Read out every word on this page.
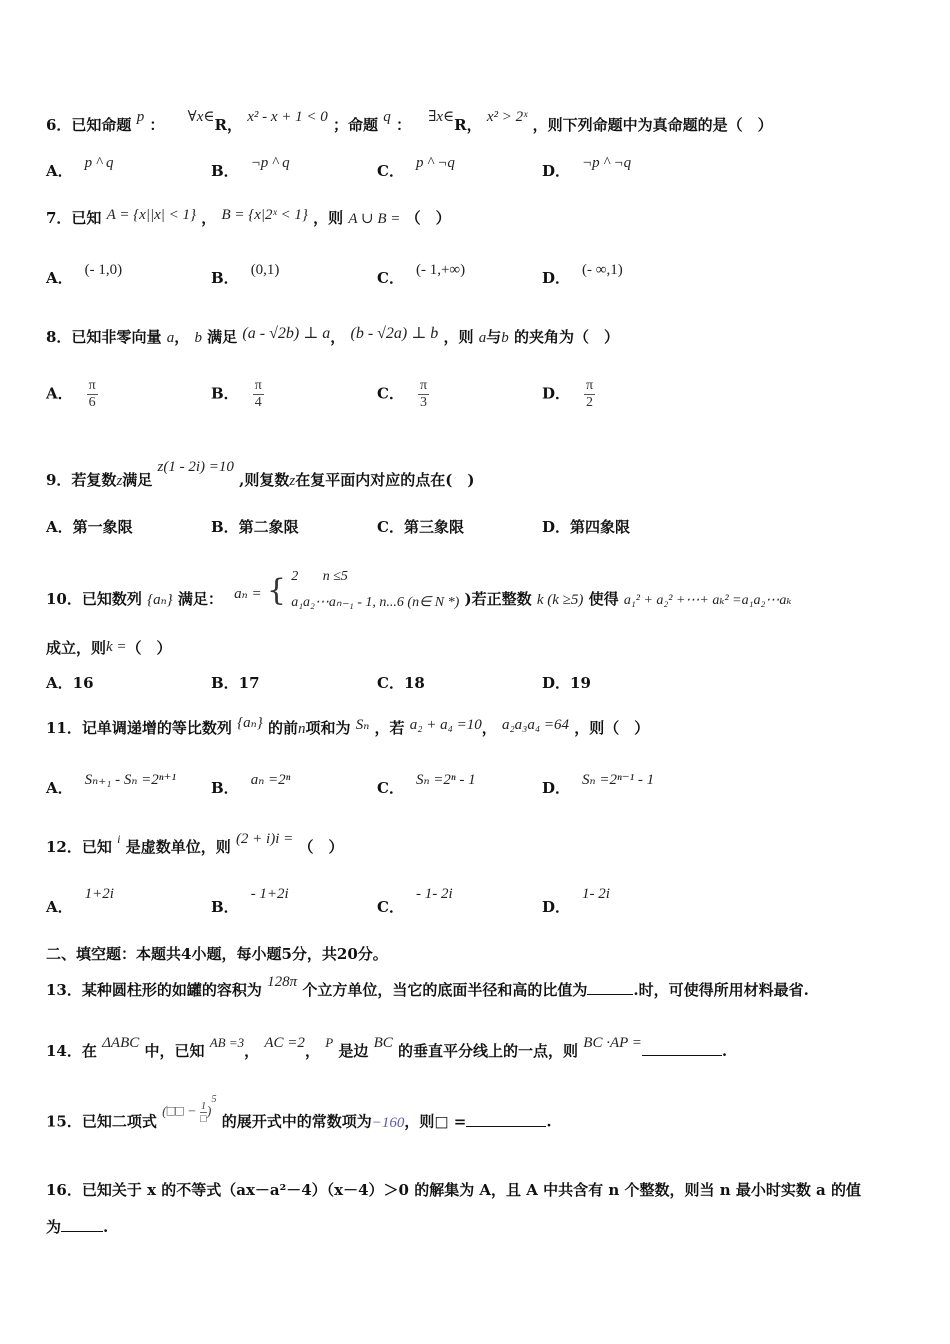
6．已知命题 p ： ∀x∈R， x² - x + 1 < 0 ；命题 q ： ∃x∈R， x² > 2ˣ ，则下列命题中为真命题的是（　）
A． p ^ q	B． ¬p ^ q	C． p ^ ¬q	D． ¬p ^ ¬q
7．已知 A = {x||x| < 1} ， B = {x|2ˣ < 1} ，则 A ∪ B = （　）
A． (- 1,0)	B． (0,1)	C． (- 1,+∞)	D． (- ∞,1)
8．已知非零向量 a， b 满足 (a - √2b) ⊥ a， (b - √2a) ⊥ b ，则 a与b 的夹角为（　）
A． $\frac{\pi}{6}$	B． $\frac{\pi}{4}$	C． $\frac{\pi}{3}$	D． $\frac{\pi}{2}$
9．若复数z满足 z(1 - 2i) =10 ,则复数z在复平面内对应的点在(　)
A．第一象限	B．第二象限	C．第三象限	D．第四象限
10．已知数列 {aₙ} 满足： aₙ = { 2 n ≤5
a₁a₂⋯aₙ₋₁ - 1, n...6 (n∈ N *) )若正整数 k (k ≥5) 使得 a₁² + a₂² +⋯+ aₖ² =a₁a₂⋯aₖ
成立，则k =（　）
A．16	B．17	C．18	D．19
11．记单调递增的等比数列 {aₙ} 的前n项和为 Sₙ ，若 a₂ + a₄ =10， a₂a₃a₄ =64 ，则（　）
A． Sₙ₊₁ - Sₙ =2ⁿ⁺¹ B． aₙ =2ⁿ	C． Sₙ =2ⁿ - 1	D． Sₙ =2ⁿ⁻¹ - 1
12．已知 i 是虚数单位，则 (2 + i)i = （　）
A．1+2i
B．- 1+2i
C．- 1- 2i
D．1- 2i
二、填空题：本题共4小题，每小题5分，共20分。
13．某种圆柱形的如罐的容积为 128π 个立方单位，当它的底面半径和高的比值为	.时，可使得所用材料最省.
14．在 ΔABC 中，已知 AB =3， AC =2， P 是边 BC 的垂直平分线上的一点，则 BC ·AP =	.
15．已知二项式 (□□ − 1
□ )$^5$ 的展开式中的常数项为−160，则□ =	.
16．已知关于 x 的不等式（ax－a²－4）（x－4）＞0 的解集为 A，且 A 中共含有 n 个整数，则当 n 最小时实数 a 的值
为	.
